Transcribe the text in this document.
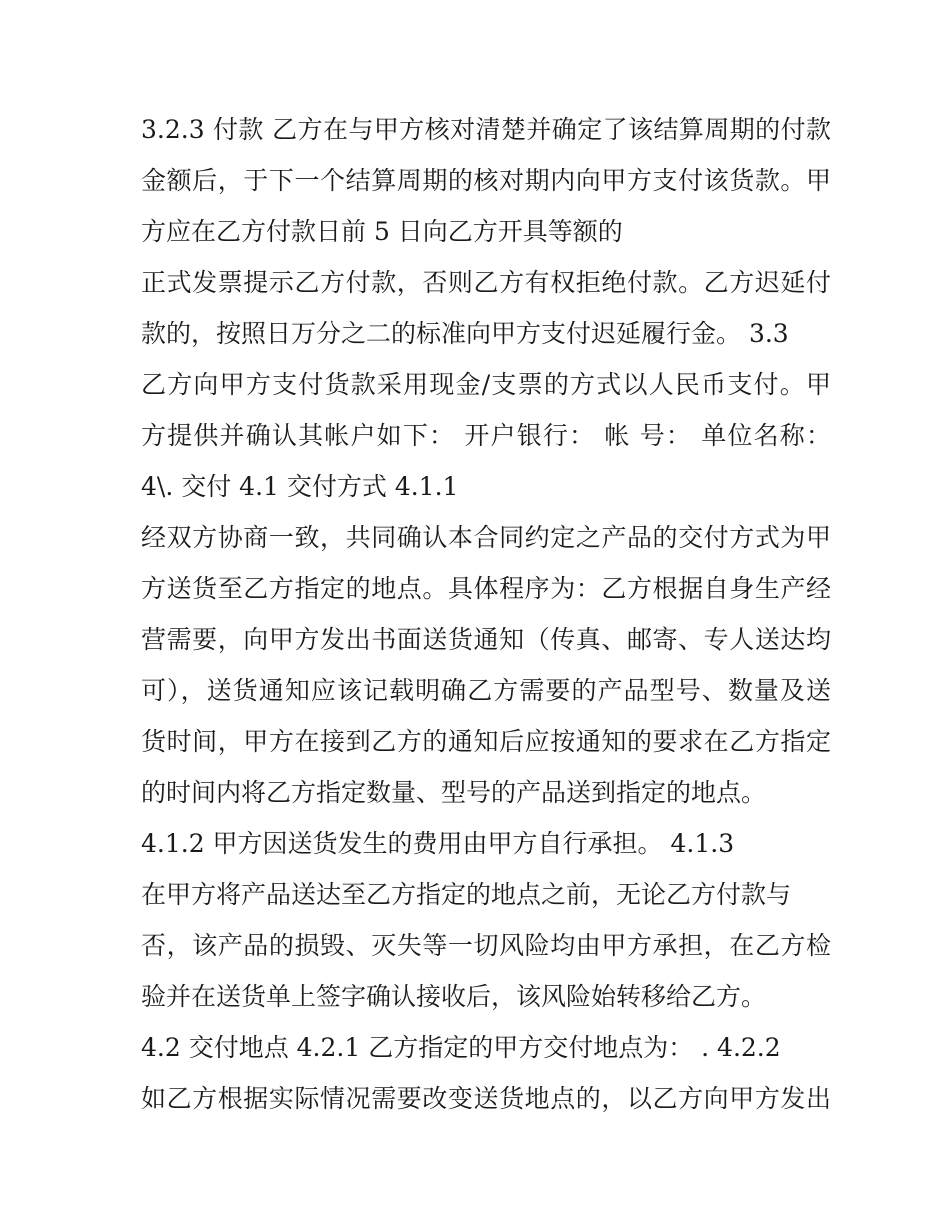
3.2.3 付款 乙方在与甲方核对清楚并确定了该结算周期的付款
金额后，于下一个结算周期的核对期内向甲方支付该货款。甲
方应在乙方付款日前 5 日向乙方开具等额的
正式发票提示乙方付款，否则乙方有权拒绝付款。乙方迟延付
款的，按照日万分之二的标准向甲方支付迟延履行金。 3.3
乙方向甲方支付货款采用现金/支票的方式以人民币支付。甲
方提供并确认其帐户如下： 开户银行： 帐 号： 单位名称：
4\. 交付 4.1 交付方式 4.1.1
经双方协商一致，共同确认本合同约定之产品的交付方式为甲
方送货至乙方指定的地点。具体程序为：乙方根据自身生产经
营需要，向甲方发出书面送货通知（传真、邮寄、专人送达均
可），送货通知应该记载明确乙方需要的产品型号、数量及送
货时间，甲方在接到乙方的通知后应按通知的要求在乙方指定
的时间内将乙方指定数量、型号的产品送到指定的地点。
4.1.2 甲方因送货发生的费用由甲方自行承担。 4.1.3
在甲方将产品送达至乙方指定的地点之前，无论乙方付款与
否，该产品的损毁、灭失等一切风险均由甲方承担，在乙方检
验并在送货单上签字确认接收后，该风险始转移给乙方。
4.2 交付地点 4.2.1 乙方指定的甲方交付地点为： . 4.2.2
如乙方根据实际情况需要改变送货地点的，以乙方向甲方发出
